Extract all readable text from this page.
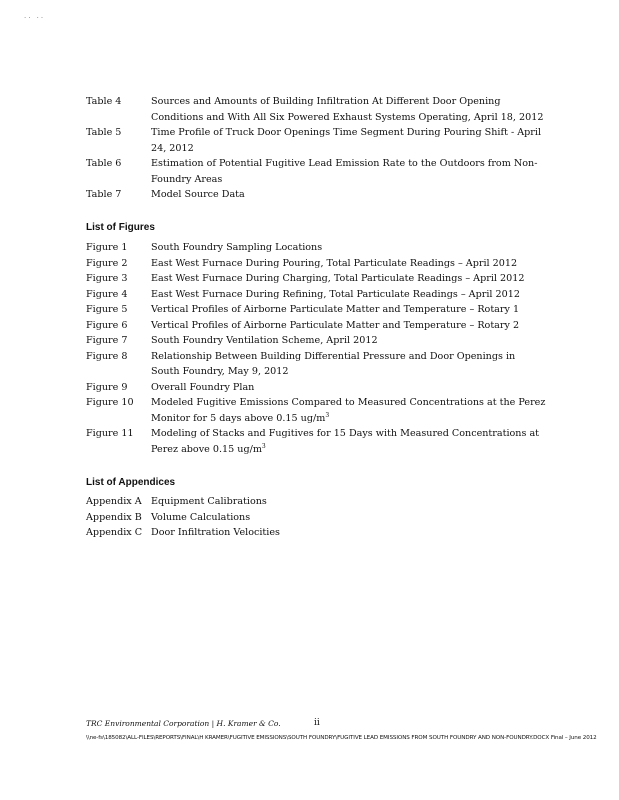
.. ..
Table 4	Sources and Amounts of Building Infiltration At Different Door Opening Conditions and With All Six Powered Exhaust Systems Operating, April 18, 2012
Table 5	Time Profile of Truck Door Openings Time Segment During Pouring Shift - April 24, 2012
Table 6	Estimation of Potential Fugitive Lead Emission Rate to the Outdoors from Non-Foundry Areas
Table 7	Model Source Data
List of Figures
Figure 1	South Foundry Sampling Locations
Figure 2	East West Furnace During Pouring, Total Particulate Readings – April 2012
Figure 3	East West Furnace During Charging, Total Particulate Readings – April 2012
Figure 4	East West Furnace During Refining, Total Particulate Readings – April 2012
Figure 5	Vertical Profiles of Airborne Particulate Matter and Temperature – Rotary 1
Figure 6	Vertical Profiles of Airborne Particulate Matter and Temperature – Rotary 2
Figure 7	South Foundry Ventilation Scheme, April 2012
Figure 8	Relationship Between Building Differential Pressure and Door Openings in South Foundry, May 9, 2012
Figure 9	Overall Foundry Plan
Figure 10	Modeled Fugitive Emissions Compared to Measured Concentrations at the Perez Monitor for 5 days above 0.15 $ug/m^3$
Figure 11	Modeling of Stacks and Fugitives for 15 Days with Measured Concentrations at Perez above 0.15 $ug/m^3$
List of Appendices
Appendix A Equipment Calibrations
Appendix B Volume Calculations
Appendix C Door Infiltration Velocities
TRC Environmental Corporation | H. Kramer & Co.	ii
\\ne-fs\185082\ALL-FILES\REPORTS\FINAL\H KRAMER\FUGITIVE EMISSIONS\SOUTH FOUNDRY\FUGITIVE LEAD EMISSIONS FROM SOUTH FOUNDRY AND NON-FOUNDRY.DOCX Final – June 2012
